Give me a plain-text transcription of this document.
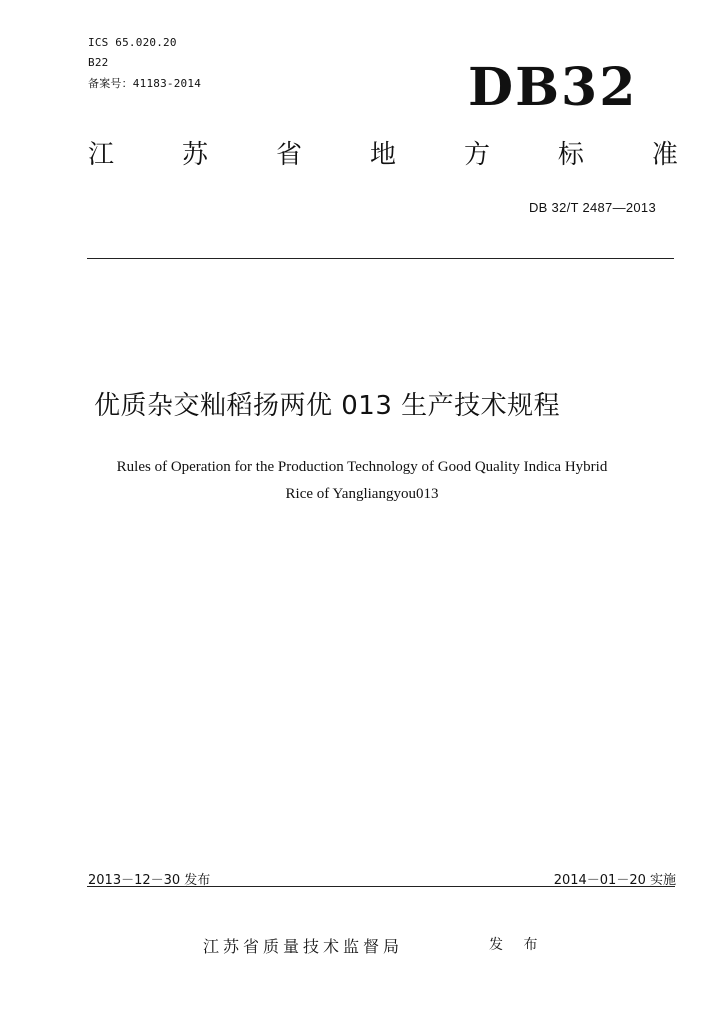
ICS 65.020.20
B22
备案号：41183-2014	DB32
江	苏	省	地	方	标	准
DB 32/T 2487—2013
优质杂交籼稻扬两优 013 生产技术规程
Rules of Operation for the Production Technology of Good Quality Indica Hybrid
Rice of Yangliangyou013
2013－12－30 发布	2014－01－20 实施
江苏省质量技术监督局	发 布
